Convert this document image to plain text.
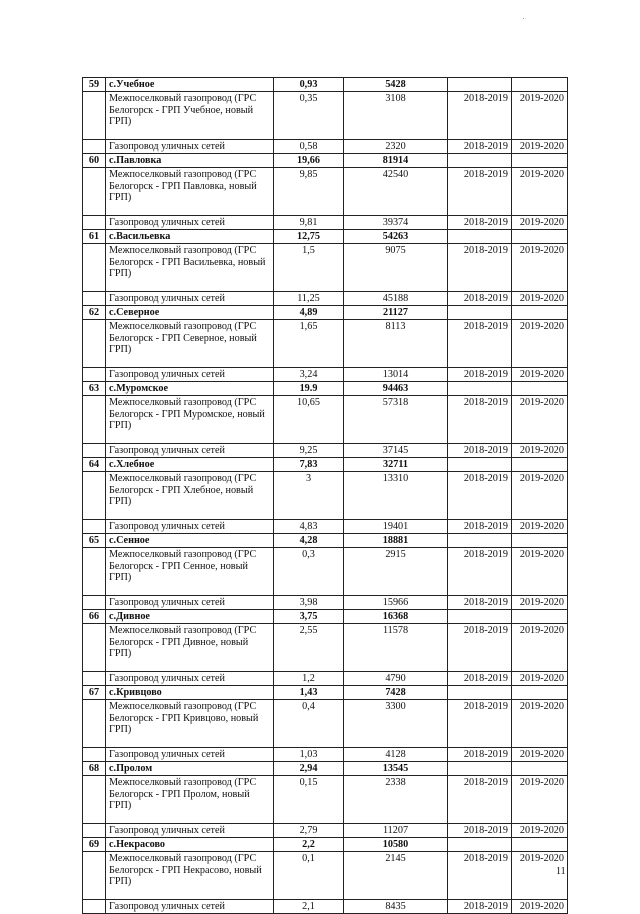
59	с.Учебное	0,93	5428		
	Межпоселковый газопровод (ГРС Белогорск - ГРП Учебное, новый ГРП)	0,35	3108	2018-2019	2019-2020
	Газопровод уличных сетей	0,58	2320	2018-2019	2019-2020
60	с.Павловка	19,66	81914		
	Межпоселковый газопровод (ГРС Белогорск - ГРП Павловка, новый ГРП)	9,85	42540	2018-2019	2019-2020
	Газопровод уличных сетей	9,81	39374	2018-2019	2019-2020
61	с.Васильевка	12,75	54263		
	Межпоселковый газопровод (ГРС Белогорск - ГРП Васильевка, новый ГРП)	1,5	9075	2018-2019	2019-2020
	Газопровод уличных сетей	11,25	45188	2018-2019	2019-2020
62	с.Северное	4,89	21127		
	Межпоселковый газопровод (ГРС Белогорск - ГРП Северное, новый ГРП)	1,65	8113	2018-2019	2019-2020
	Газопровод уличных сетей	3,24	13014	2018-2019	2019-2020
63	с.Муромское	19.9	94463		
	Межпоселковый газопровод (ГРС Белогорск - ГРП Муромское, новый ГРП)	10,65	57318	2018-2019	2019-2020
	Газопровод уличных сетей	9,25	37145	2018-2019	2019-2020
64	с.Хлебное	7,83	32711		
	Межпоселковый газопровод (ГРС Белогорск - ГРП Хлебное, новый ГРП)	3	13310	2018-2019	2019-2020
	Газопровод уличных сетей	4,83	19401	2018-2019	2019-2020
65	с.Сенное	4,28	18881		
	Межпоселковый газопровод (ГРС Белогорск - ГРП Сенное, новый ГРП)	0,3	2915	2018-2019	2019-2020
	Газопровод уличных сетей	3,98	15966	2018-2019	2019-2020
66	с.Дивное	3,75	16368		
	Межпоселковый газопровод (ГРС Белогорск - ГРП Дивное, новый ГРП)	2,55	11578	2018-2019	2019-2020
	Газопровод уличных сетей	1,2	4790	2018-2019	2019-2020
67	с.Кривцово	1,43	7428		
	Межпоселковый газопровод (ГРС Белогорск - ГРП Кривцово, новый ГРП)	0,4	3300	2018-2019	2019-2020
	Газопровод уличных сетей	1,03	4128	2018-2019	2019-2020
68	с.Пролом	2,94	13545		
	Межпоселковый газопровод (ГРС Белогорск - ГРП Пролом, новый ГРП)	0,15	2338	2018-2019	2019-2020
	Газопровод уличных сетей	2,79	11207	2018-2019	2019-2020
69	с.Некрасово	2,2	10580		
	Межпоселковый газопровод (ГРС Белогорск - ГРП Некрасово, новый ГРП)	0,1	2145	2018-2019	2019-2020
	Газопровод уличных сетей	2,1	8435	2018-2019	2019-2020
11
